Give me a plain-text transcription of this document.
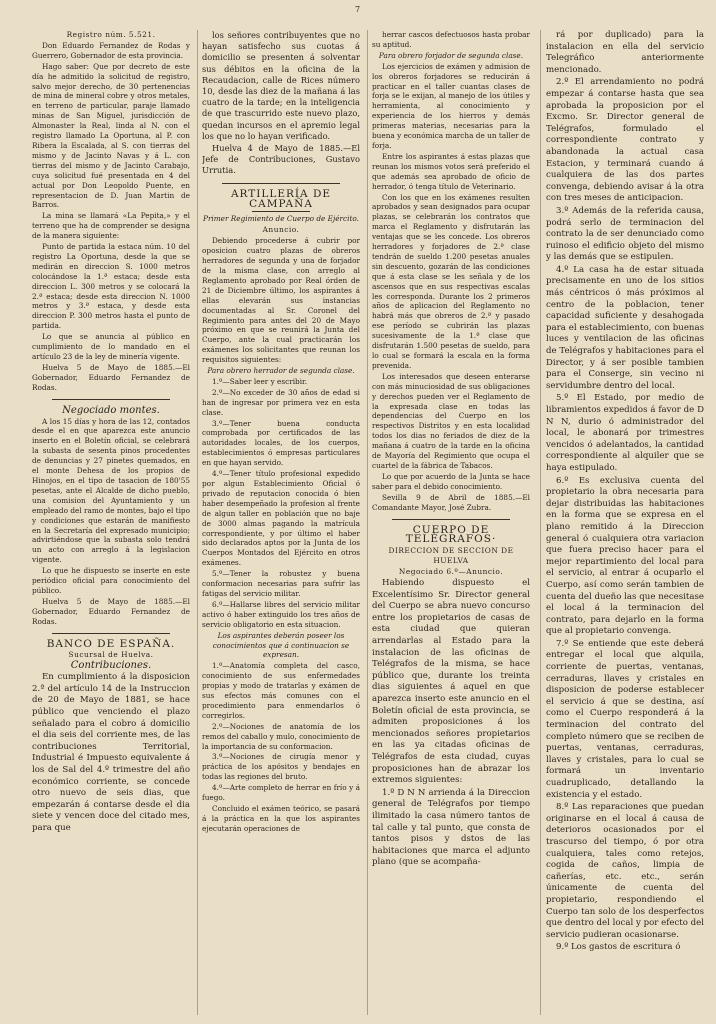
7

Registro núm. 5.521.

Don Eduardo Fernandez de Rodas y Guerrero, Gobernador de esta provincia.

Hago saber: Que por decreto de este día he admitido la solicitud de registro, salvo mejor derecho, de 30 pertenencias de mina de mineral cobre y otros metales, en terreno de particular, paraje llamado minas de San Miguel, jurisdicción de Almonaster la Real, linda al N. con el registro llamado La Oportuna, al P. con Ribera la Escalada, al S. con tierras del mismo y de Jacinto Navas y á L. con tierras del mismo y de Jacinto Carabajo, cuya solicitud fué presentada en 4 del actual por Don Leopoldo Puente, en representacion de D. Juan Martin de Barros.

La mina se llamará «La Pepita,» y el terreno que ha de comprender se designa de la manera siguiente:

Punto de partida la estaca núm. 10 del registro La Oportuna, desde la que se medirán en direccion S. 1000 metros colocándose la 1.ª estaca; desde esta direccion L. 300 metros y se colocará la 2.ª estaca; desde esta direccion N. 1000 metros y 3.ª estaca, y desde esta direccion P. 300 metros hasta el punto de partida.

Lo que se anuncia al público en cumplimiento de lo mandado en el artículo 23 de la ley de minería vigente.

Huelva 5 de Mayo de 1885.—El Gobernador, Eduardo Fernandez de Rodas.

Negociado montes.

A los 15 días y hora de las 12, contados desde el en que aparezca este anuncio inserto en el Boletín oficial, se celebrará la subasta de sesenta pinos procedentes de denuncias y 27 pinetes quemados, en el monte Dehesa de los propios de Hinojos, en el tipo de tasacion de 180'55 pesetas, ante el Alcalde de dicho pueblo, una comision del Ayuntamiento y un empleado del ramo de montes, bajo el tipo y condiciones que estarán de manifiesto en la Secretaría del expresado municipio; advirtiéndose que la subasta solo tendrá un acto con arreglo á la legislacion vigente.

Lo que he dispuesto se inserte en este periódico oficial para conocimiento del público.

Huelva 5 de Mayo de 1885.—El Gobernador, Eduardo Fernandez de Rodas.

BANCO DE ESPAÑA.

Sucursal de Huelva.

Contribuciones.

En cumplimiento á la disposicion 2.ª del artículo 14 de la Instruccion de 20 de Mayo de 1881, se hace público que venciendo el plazo señalado para el cobro á domicilio el dia seis del corriente mes, de las contribuciones Territorial, Industrial é Impuesto equivalente á los de Sal del 4.º trimestre del año económico corriente, se concede otro nuevo de seis dias, que empezarán á contarse desde el dia siete y vencen doce del citado mes, para que

los señores contribuyentes que no hayan satisfecho sus cuotas á domicilio se presenten á solventar sus débitos en la oficina de la Recaudacion, calle de Rices número 10, desde las diez de la mañana á las cuatro de la tarde; en la inteligencia de que trascurrido este nuevo plazo, quedan incursos en el apremio legal los que no lo hayan verificado.

Huelva 4 de Mayo de 1885.—El Jefe de Contribuciones, Gustavo Urrutia.

ARTILLERÍA DE CAMPAÑA

Primer Regimiento de Cuerpo de Ejército.

Anuncio.

Debiendo procederse á cubrir por oposicion cuatro plazas de obreros herradores de segunda y una de forjador de la misma clase, con arreglo al Reglamento aprobado por Real órden de 21 de Diciembre último, los aspirantes á ellas elevarán sus instancias documentadas al Sr. Coronel del Regimiento para antes del 20 de Mayo próximo en que se reunirá la Junta del Cuerpo, ante la cual practicarán los exámenes los solicitantes que reunan los requisitos siguientes:

Para obrero herrador de segunda clase.

1.º—Saber leer y escribir.

2.º—No exceder de 30 años de edad si han de ingresar por primera vez en esta clase.

3.º—Tener buena conducta comprobada por certificados de las autoridades locales, de los cuerpos, establecimientos ó empresas particulares en que hayan servido.

4.º—Tener título profesional expedido por algun Establecimiento Oficial ó privado de reputacion conocida ó bien haber desempeñado la profesion al frente de algun taller en población que no baje de 3000 almas pagando la matrícula correspondiente, y por último el haber sido declarados aptos por la Junta de los Cuerpos Montados del Ejército en otros exámenes.

5.º—Tener la robustez y buena conformacion necesarias para sufrir las fatigas del servicio militar.

6.º—Hallarse libres del servicio militar activo ó haber extinguido los tres años de servicio obligatorio en esta situacion.

Los aspirantes deberán poseer los conocimientos que á continuacion se expresan.

1.º—Anatomía completa del casco, conocimiento de sus enfermedades propias y modo de tratarlas y exámen de sus efectos más comunes con el procedimiento para enmendarlos ó corregirlos.

2.º—Nociones de anatomía de los remos del caballo y mulo, conocimiento de la importancia de su conformacion.

3.º—Nociones de cirugía menor y práctica de los apósitos y bendajes en todas las regiones del bruto.

4.º—Arte completo de herrar en frío y á fuego.

Concluido el exámen teórico, se pasará á la práctica en la que los aspirantes ejecutarán operaciones de

herrar cascos defectuosos hasta probar su aptitud.

Para obrero forjador de segunda clase.

Los ejercicios de exámen y admision de los obreros forjadores se reducirán á practicar en el taller cuantas clases de forja se le exijan, al manejo de los útiles y herramienta, al conocimiento y experiencia de los hierros y demás primeras materias, necesarias para la buena y económica marcha de un taller de forja.

Entre los aspirantes á estas plazas que reunan los mismos votos será preferido el que además sea aprobado de oficio de herrador, ó tenga título de Veterinario.

Con los que en los exámenes resulten aprobados y sean designados para ocupar plazas, se celebrarán los contratos que marca el Reglamento y disfrutarán las ventajas que se les concede. Los obreros herradores y forjadores de 2.ª clase tendrán de sueldo 1.200 pesetas anuales sin descuento, gozarán de las condiciones que á esta clase se les señala y de los ascensos que en sus respectivas escalas les corresponda. Durante los 2 primeros años de aplicacion del Reglamento no habrá más que obreros de 2.ª y pasado ese período se cubrirán las plazas sucesivamente de la 1.ª clase que disfrutarán 1.500 pesetas de sueldo, para lo cual se formará la escala en la forma prevenida.

Los interesados que deseen enterarse con más minuciosidad de sus obligaciones y derechos pueden ver el Reglamento de la expresada clase en todas las dependencias del Cuerpo en los respectivos Distritos y en esta localidad todos los dias no feriados de diez de la mañana á cuatro de la tarde en la oficina de Mayoría del Regimiento que ocupa el cuartel de la fábrica de Tabacos.

Lo que por acuerdo de la Junta se hace saber para el debido conocimiento.

Sevilla 9 de Abril de 1885.—El Comandante Mayor, José Zubra.

CUERPO DE TELÉGRAFOS·

DIRECCION DE SECCION DE HUELVA

Negociado 6.º—Anuncio.

Habiendo dispuesto el Excelentísimo Sr. Director general del Cuerpo se abra nuevo concurso entre los propietarios de casas de esta ciudad que quieran arrendarlas al Estado para la instalacion de las oficinas de Telégrafos de la misma, se hace público que, durante los treinta dias siguientes á aquel en que aparezca inserto este anuncio en el Boletín oficial de esta provincia, se admiten proposiciones á los mencionados señores propietarios en las ya citadas oficinas de Telégrafos de esta ciudad, cuyas proposiciones han de abrazar los extremos siguientes:

1.º D N N arrienda á la Direccion general de Telégrafos por tiempo ilimitado la casa número tantos de tal calle y tal punto, que consta de tantos pisos y dstos de las habitaciones que marca el adjunto plano (que se acompaña-

rá por duplicado) para la instalacion en ella del servicio Telegráfico anteriormente mencionado.

2.º El arrendamiento no podrá empezar á contarse hasta que sea aprobada la proposicion por el Excmo. Sr. Director general de Telégrafos, formulado el correspondiente contrato y abandonada la actual casa Estacion, y terminará cuando á cualquiera de las dos partes convenga, debiendo avisar á la otra con tres meses de anticipacion.

3.º Además de la referida causa, podrá serlo de terminacion del contrato la de ser denunciado como ruinoso el edificio objeto del mismo y las demás que se estipulen.

4.º La casa ha de estar situada precisamente en uno de los sitios más céntricos ó más próximos al centro de la poblacion, tener capacidad suficiente y desahogada para el establecimiento, con buenas luces y ventilacion de las oficinas de Telégrafos y habitaciones para el Director, y á ser posible tambien para el Conserge, sin vecino ni servidumbre dentro del local.

5.º El Estado, por medio de libramientos expedidos á favor de D N N, durio ó administrador del local, le abonará por trimestres vencidos ó adelantados, la cantidad correspondiente al alquiler que se haya estipulado.

6.º Es exclusiva cuenta del propietario la obra necesaria para dejar distribuidas las habitaciones en la forma que se expresa en el plano remitido á la Direccion general ó cualquiera otra variacion que fuera preciso hacer para el mejor repartimiento del local para el servicio, al entrar á ocuparlo el Cuerpo, así como serán tambien de cuenta del dueño las que necesitase el local á la terminacion del contrato, para dejarlo en la forma que al propietario convenga.

7.º Se entiende que este deberá entregar el local que alquila, corriente de puertas, ventanas, cerraduras, llaves y cristales en disposicion de poderse establecer el servicio á que se destina, así como el Cuerpo responderá á la terminacion del contrato del completo número que se reciben de puertas, ventanas, cerraduras, llaves y cristales, para lo cual se formará un inventario cuadruplicado, detallando la existencia y el estado.

8.º Las reparaciones que puedan originarse en el local á causa de deterioros ocasionados por el trascurso del tiempo, ó por otra cualquiera, tales como retejos, cogida de caños, limpia de cañerías, etc. etc., serán únicamente de cuenta del propietario, respondiendo el Cuerpo tan solo de los desperfectos que dentro del local y por efecto del servicio pudieran ocasionarse.

9.º Los gastos de escritura ó
